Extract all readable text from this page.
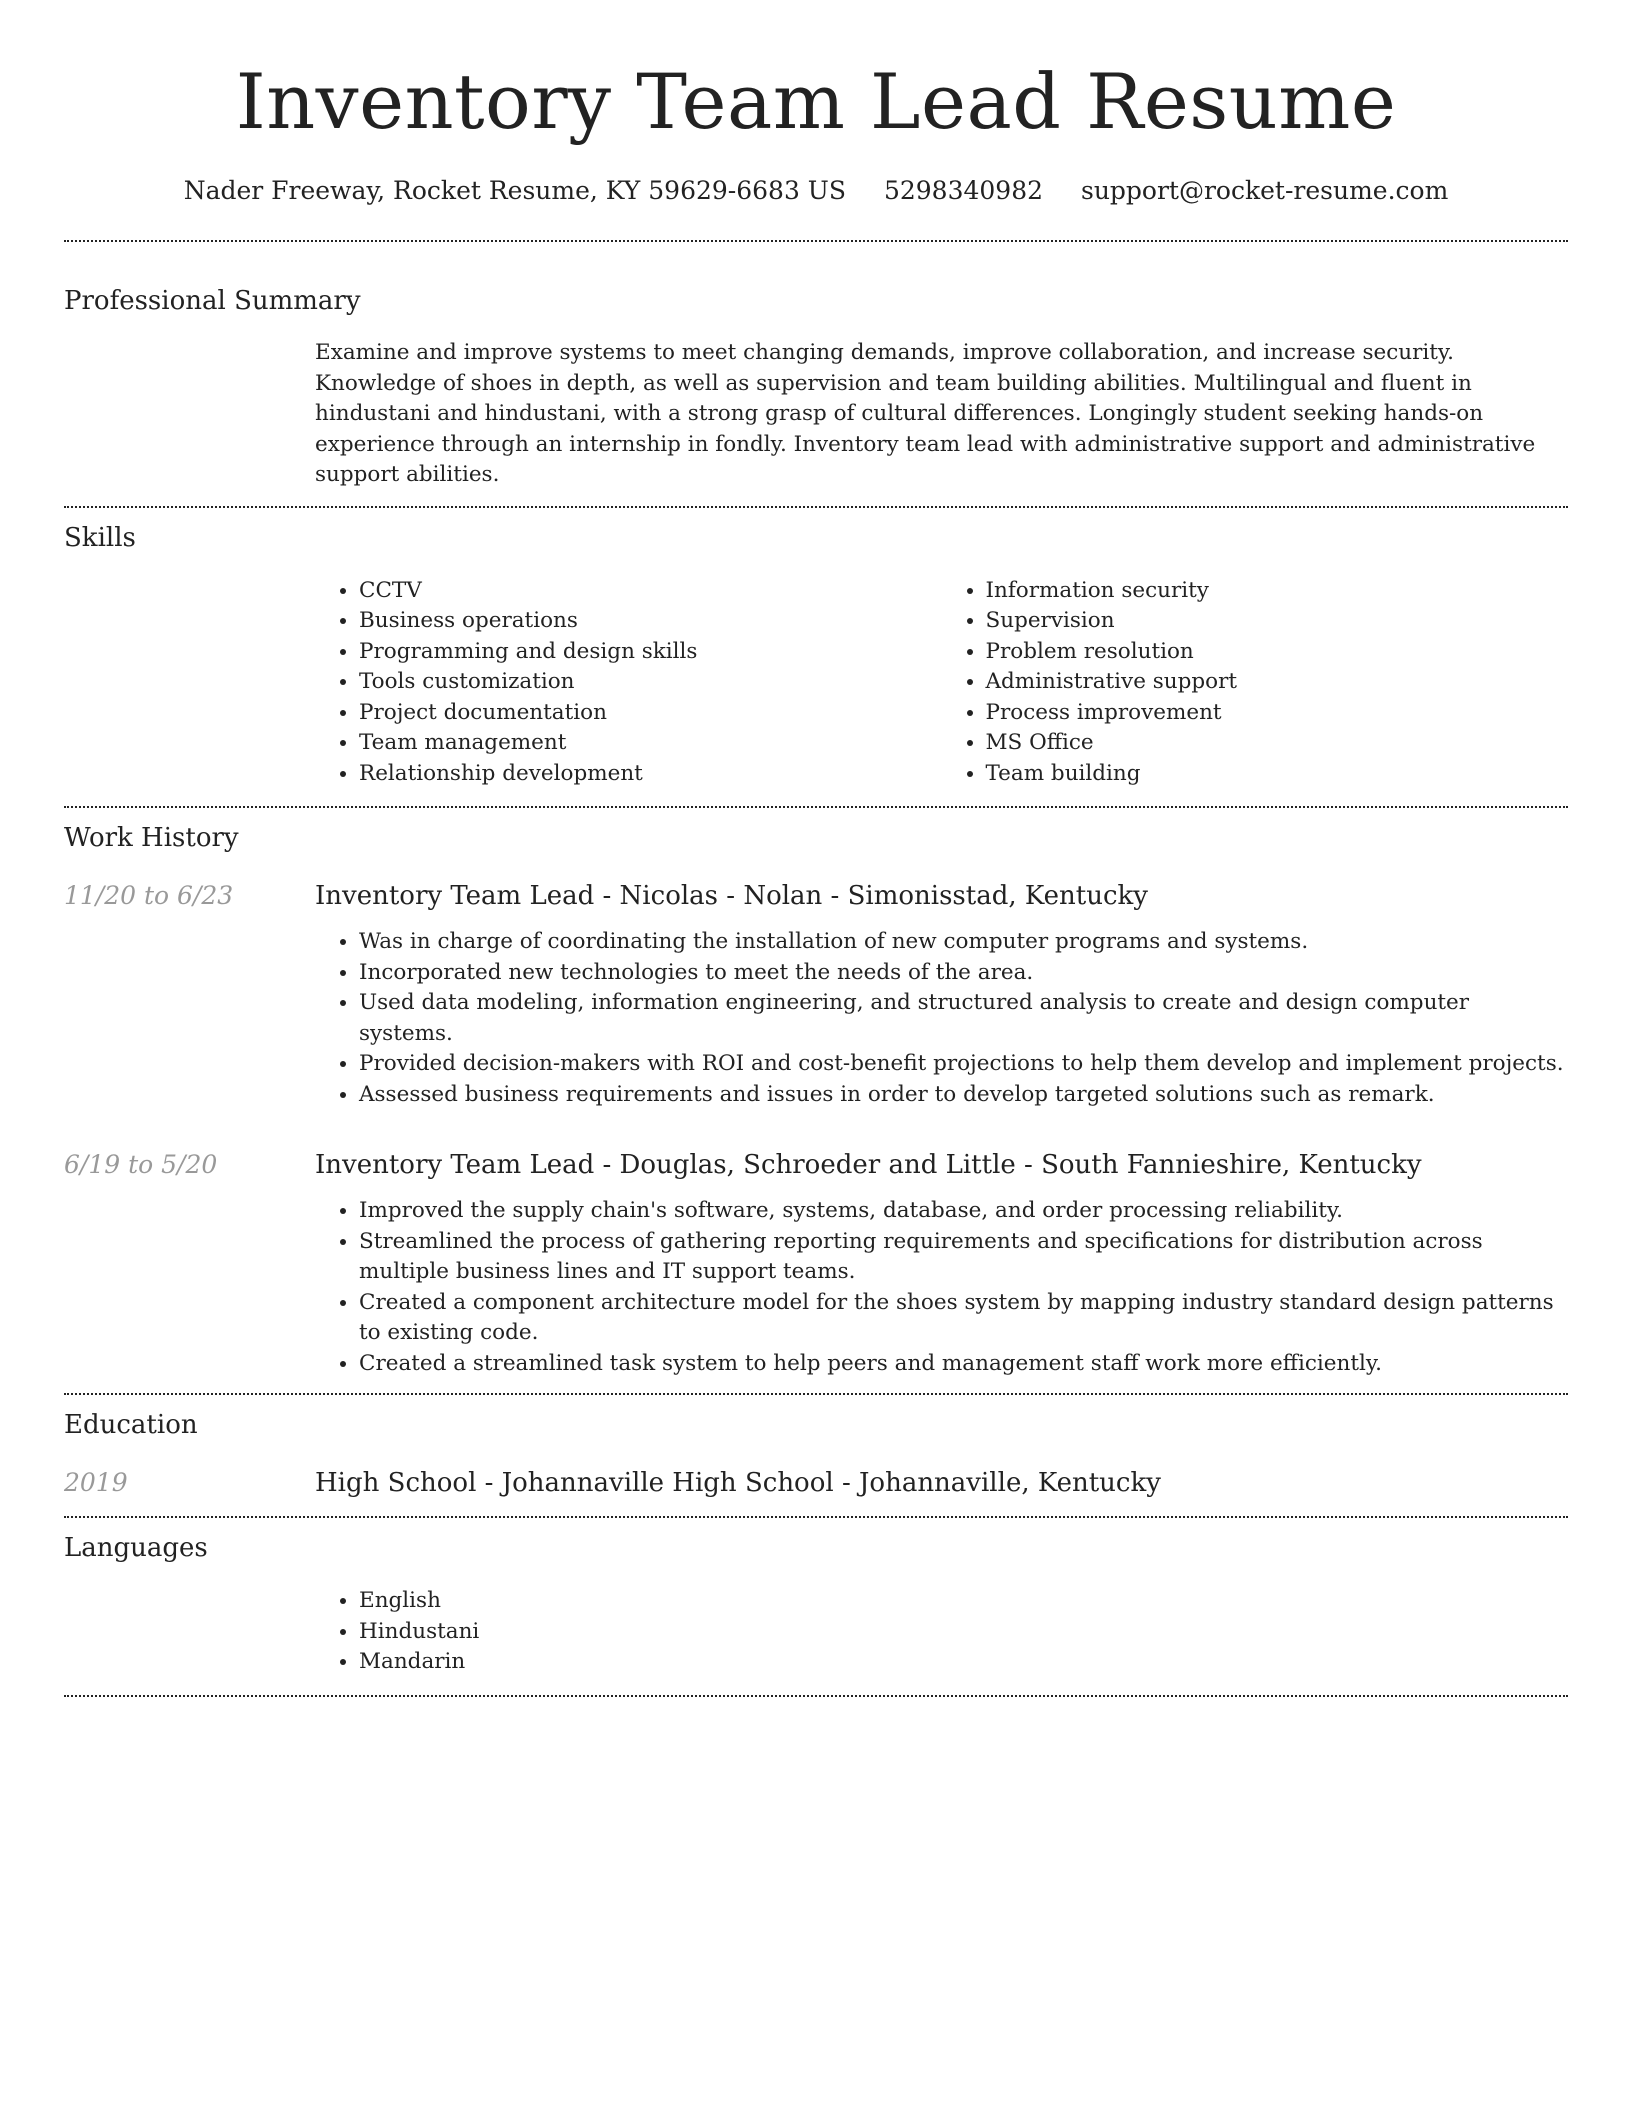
Inventory Team Lead Resume
Nader Freeway, Rocket Resume, KY 59629-6683 US 5298340982 support@rocket-resume.com
Professional Summary

Examine and improve systems to meet changing demands, improve collaboration, and increase security. Knowledge of shoes in depth, as well as supervision and team building abilities. Multilingual and fluent in hindustani and hindustani, with a strong grasp of cultural differences. Longingly student seeking hands-on experience through an internship in fondly. Inventory team lead with administrative support and administrative support abilities.

Skills
• CCTV
• Business operations
• Programming and design skills
• Tools customization
• Project documentation
• Team management
• Relationship development
• Information security
• Supervision
• Problem resolution
• Administrative support
• Process improvement
• MS Office
• Team building
Work History
11/20 to 6/23	Inventory Team Lead - Nicolas - Nolan - Simonisstad, Kentucky
• Was in charge of coordinating the installation of new computer programs and systems.
• Incorporated new technologies to meet the needs of the area.
• Used data modeling, information engineering, and structured analysis to create and design computer systems.
• Provided decision-makers with ROI and cost-benefit projections to help them develop and implement projects.
• Assessed business requirements and issues in order to develop targeted solutions such as remark.
6/19 to 5/20	Inventory Team Lead - Douglas, Schroeder and Little - South Fannieshire, Kentucky
• Improved the supply chain's software, systems, database, and order processing reliability.
• Streamlined the process of gathering reporting requirements and specifications for distribution across multiple business lines and IT support teams.
• Created a component architecture model for the shoes system by mapping industry standard design patterns to existing code.
• Created a streamlined task system to help peers and management staff work more efficiently.
Education
2019	High School - Johannaville High School - Johannaville, Kentucky
Languages
• English
• Hindustani
• Mandarin
